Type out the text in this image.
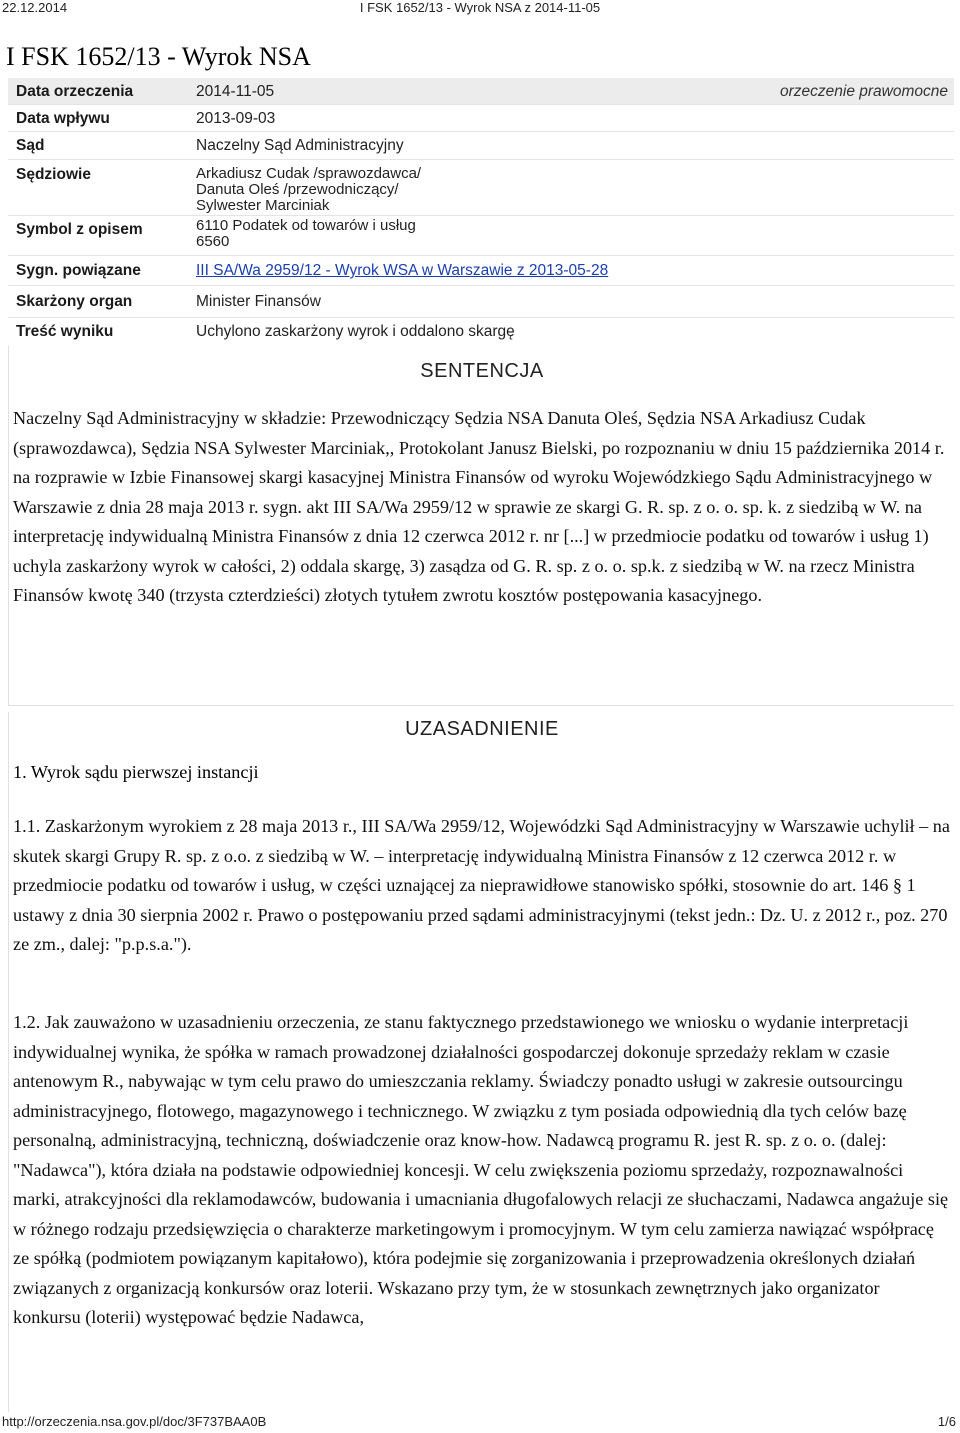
22.12.2014	I FSK 1652/13 - Wyrok NSA z 2014-11-05
I FSK 1652/13 - Wyrok NSA
Data orzeczenia	2014-11-05	orzeczenie prawomocne
Data wpływu	2013-09-03
Sąd	Naczelny Sąd Administracyjny
Sędziowie	Arkadiusz Cudak /sprawozdawca/
Danuta Oleś /przewodniczący/
Sylwester Marciniak
Symbol z opisem	6110 Podatek od towarów i usług
6560
Sygn. powiązane	III SA/Wa 2959/12 - Wyrok WSA w Warszawie z 2013-05-28
Skarżony organ	Minister Finansów
Treść wyniku	Uchylono zaskarżony wyrok i oddalono skargę
SENTENCJA

Naczelny Sąd Administracyjny w składzie: Przewodniczący Sędzia NSA Danuta Oleś, Sędzia NSA Arkadiusz Cudak (sprawozdawca), Sędzia NSA Sylwester Marciniak,, Protokolant Janusz Bielski, po rozpoznaniu w dniu 15 października 2014 r. na rozprawie w Izbie Finansowej skargi kasacyjnej Ministra Finansów od wyroku Wojewódzkiego Sądu Administracyjnego w Warszawie z dnia 28 maja 2013 r. sygn. akt III SA/Wa 2959/12 w sprawie ze skargi G. R. sp. z o. o. sp. k. z siedzibą w W. na interpretację indywidualną Ministra Finansów z dnia 12 czerwca 2012 r. nr [...] w przedmiocie podatku od towarów i usług 1) uchyla zaskarżony wyrok w całości, 2) oddala skargę, 3) zasądza od G. R. sp. z o. o. sp.k. z siedzibą w W. na rzecz Ministra Finansów kwotę 340 (trzysta czterdzieści) złotych tytułem zwrotu kosztów postępowania kasacyjnego.

UZASADNIENIE
1. Wyrok sądu pierwszej instancji

1.1. Zaskarżonym wyrokiem z 28 maja 2013 r., III SA/Wa 2959/12, Wojewódzki Sąd Administracyjny w Warszawie uchylił – na skutek skargi Grupy R. sp. z o.o. z siedzibą w W. – interpretację indywidualną Ministra Finansów z 12 czerwca 2012 r. w przedmiocie podatku od towarów i usług, w części uznającej za nieprawidłowe stanowisko spółki, stosownie do art. 146 § 1 ustawy z dnia 30 sierpnia 2002 r. Prawo o postępowaniu przed sądami administracyjnymi (tekst jedn.: Dz. U. z 2012 r., poz. 270 ze zm., dalej: "p.p.s.a.").

1.2. Jak zauważono w uzasadnieniu orzeczenia, ze stanu faktycznego przedstawionego we wniosku o wydanie interpretacji indywidualnej wynika, że spółka w ramach prowadzonej działalności gospodarczej dokonuje sprzedaży reklam w czasie antenowym R., nabywając w tym celu prawo do umieszczania reklamy. Świadczy ponadto usługi w zakresie outsourcingu administracyjnego, flotowego, magazynowego i technicznego. W związku z tym posiada odpowiednią dla tych celów bazę personalną, administracyjną, techniczną, doświadczenie oraz know-how. Nadawcą programu R. jest R. sp. z o. o. (dalej: "Nadawca"), która działa na podstawie odpowiedniej koncesji. W celu zwiększenia poziomu sprzedaży, rozpoznawalności marki, atrakcyjności dla reklamodawców, budowania i umacniania długofalowych relacji ze słuchaczami, Nadawca angażuje się w różnego rodzaju przedsięwzięcia o charakterze marketingowym i promocyjnym. W tym celu zamierza nawiązać współpracę ze spółką (podmiotem powiązanym kapitałowo), która podejmie się zorganizowania i przeprowadzenia określonych działań związanych z organizacją konkursów oraz loterii. Wskazano przy tym, że w stosunkach zewnętrznych jako organizator konkursu (loterii) występować będzie Nadawca,

http://orzeczenia.nsa.gov.pl/doc/3F737BAA0B	1/6
